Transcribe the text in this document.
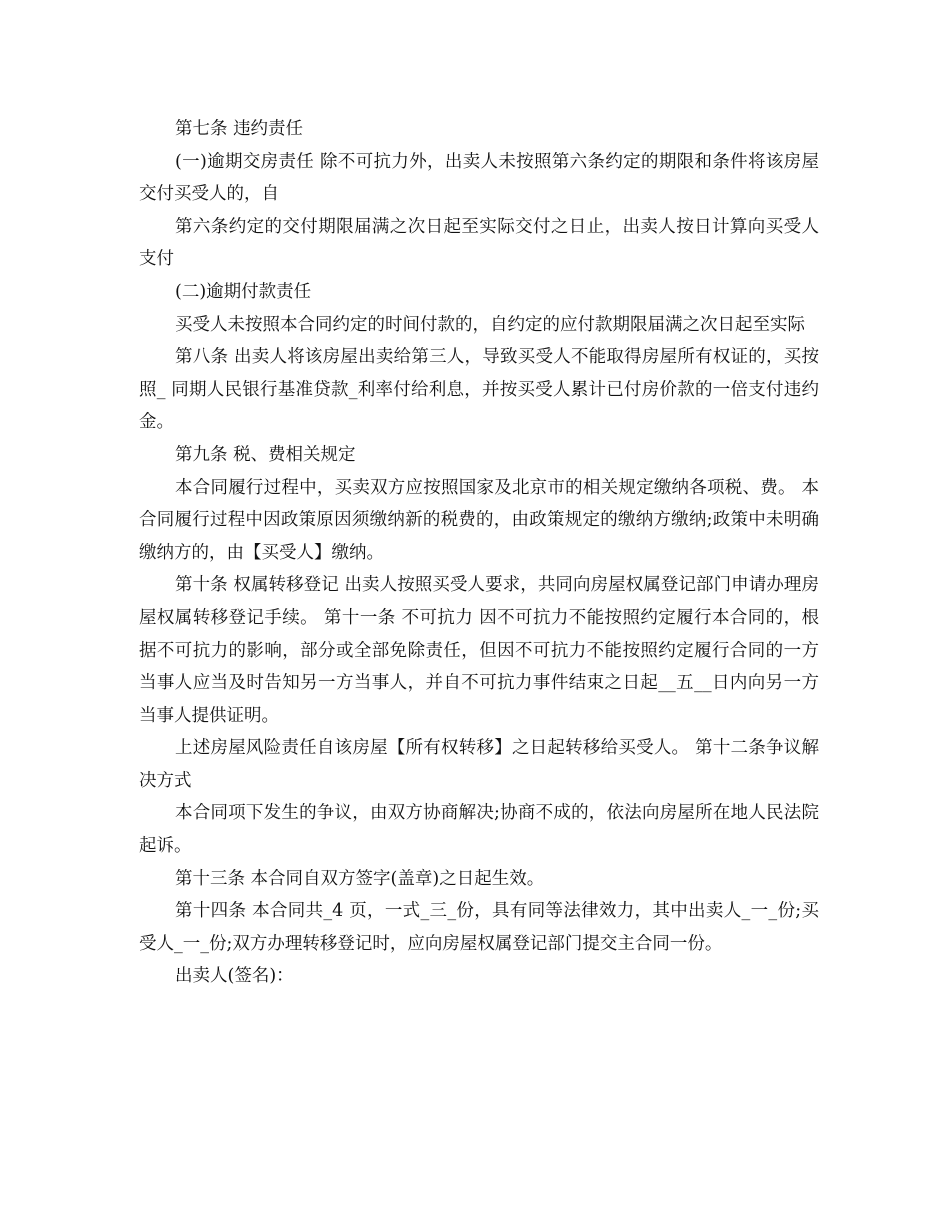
第七条 违约责任

(一)逾期交房责任 除不可抗力外，出卖人未按照第六条约定的期限和条件将该房屋交付买受人的，自

第六条约定的交付期限届满之次日起至实际交付之日止，出卖人按日计算向买受人支付

(二)逾期付款责任

买受人未按照本合同约定的时间付款的，自约定的应付款期限届满之次日起至实际

第八条 出卖人将该房屋出卖给第三人，导致买受人不能取得房屋所有权证的，买按照_ 同期人民银行基准贷款_利率付给利息，并按买受人累计已付房价款的一倍支付违约金。

第九条 税、费相关规定

本合同履行过程中，买卖双方应按照国家及北京市的相关规定缴纳各项税、费。 本合同履行过程中因政策原因须缴纳新的税费的，由政策规定的缴纳方缴纳;政策中未明确缴纳方的，由【买受人】缴纳。

第十条 权属转移登记 出卖人按照买受人要求，共同向房屋权属登记部门申请办理房屋权属转移登记手续。 第十一条 不可抗力 因不可抗力不能按照约定履行本合同的，根据不可抗力的影响，部分或全部免除责任，但因不可抗力不能按照约定履行合同的一方当事人应当及时告知另一方当事人，并自不可抗力事件结束之日起__五__日内向另一方当事人提供证明。

上述房屋风险责任自该房屋【所有权转移】之日起转移给买受人。 第十二条争议解决方式

本合同项下发生的争议，由双方协商解决;协商不成的，依法向房屋所在地人民法院起诉。

第十三条 本合同自双方签字(盖章)之日起生效。

第十四条 本合同共_4 页，一式_三_份，具有同等法律效力，其中出卖人_一_份;买受人_一_份;双方办理转移登记时，应向房屋权属登记部门提交主合同一份。

出卖人(签名)：
